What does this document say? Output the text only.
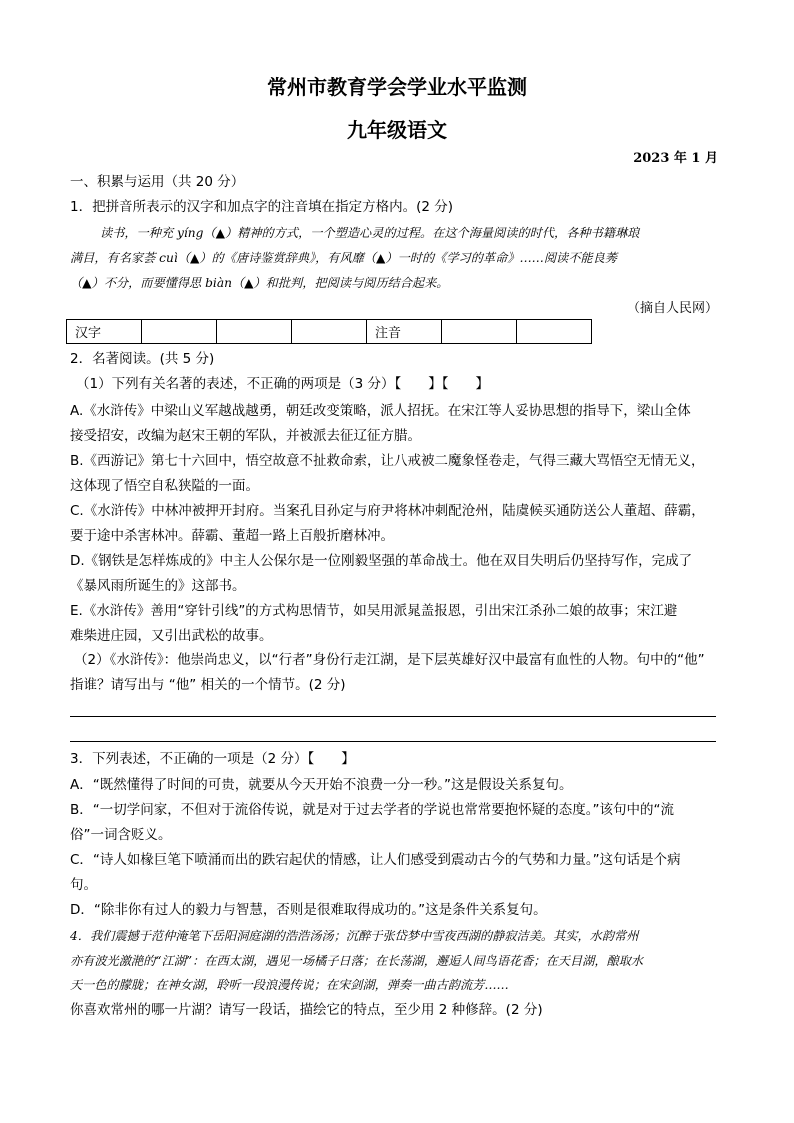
常州市教育学会学业水平监测
九年级语文
2023 年 1 月
一、积累与运用（共 20 分）
1．把拼音所表示的汉字和加点字的注音填在指定方格内。(2 分)
读书，一种充 yíng（▲）精神的方式，一个塑造心灵的过程。在这个海量阅读的时代，各种书籍琳琅
满目，有名家荟 cuì（▲）的《唐诗鉴赏辞典》，有风靡（▲）一时的《学习的革命》……阅读不能良莠
（▲）不分，而要懂得思 biàn（▲）和批判，把阅读与阅历结合起来。
（摘自人民网）
汉字				注音		
2．名著阅读。(共 5 分)
（1）下列有关名著的表述，不正确的两项是（3 分）【　　】【　　】
A.《水浒传》中梁山义军越战越勇，朝廷改变策略，派人招抚。在宋江等人妥协思想的指导下，梁山全体
接受招安，改编为赵宋王朝的军队，并被派去征辽征方腊。
B.《西游记》第七十六回中，悟空故意不扯救命索，让八戒被二魔象怪卷走，气得三藏大骂悟空无情无义，
这体现了悟空自私狭隘的一面。
C.《水浒传》中林冲被押开封府。当案孔目孙定与府尹将林冲刺配沧州，陆虞候买通防送公人董超、薛霸，
要于途中杀害林冲。薛霸、董超一路上百般折磨林冲。
D.《钢铁是怎样炼成的》中主人公保尔是一位刚毅坚强的革命战士。他在双目失明后仍坚持写作，完成了
《暴风雨所诞生的》这部书。
E.《水浒传》善用“穿针引线”的方式构思情节，如吴用派晁盖报恩，引出宋江杀孙二娘的故事；宋江避
难柴进庄园，又引出武松的故事。
（2）《水浒传》：他崇尚忠义，以“行者”身份行走江湖，是下层英雄好汉中最富有血性的人物。句中的“他”
指谁？请写出与 “他” 相关的一个情节。(2 分)
3．下列表述，不正确的一项是（2 分）【　　】
A．“既然懂得了时间的可贵，就要从今天开始不浪费一分一秒。”这是假设关系复句。
B．“一切学问家，不但对于流俗传说，就是对于过去学者的学说也常常要抱怀疑的态度。”该句中的“流
俗”一词含贬义。
C．“诗人如椽巨笔下喷涌而出的跌宕起伏的情感，让人们感受到震动古今的气势和力量。”这句话是个病
句。
D．“除非你有过人的毅力与智慧，否则是很难取得成功的。”这是条件关系复句。
4．我们震撼于范仲淹笔下岳阳洞庭湖的浩浩汤汤；沉醉于张岱梦中雪夜西湖的静寂洁美。其实，水韵常州
亦有波光激滟的“江湖”：在西太湖，遇见一场橘子日落；在长荡湖，邂逅人间鸟语花香；在天目湖，酿取水
天一色的朦胧；在神女湖，聆听一段浪漫传说；在宋剑湖，弹奏一曲古韵流芳……
你喜欢常州的哪一片湖？请写一段话，描绘它的特点，至少用 2 种修辞。(2 分)
